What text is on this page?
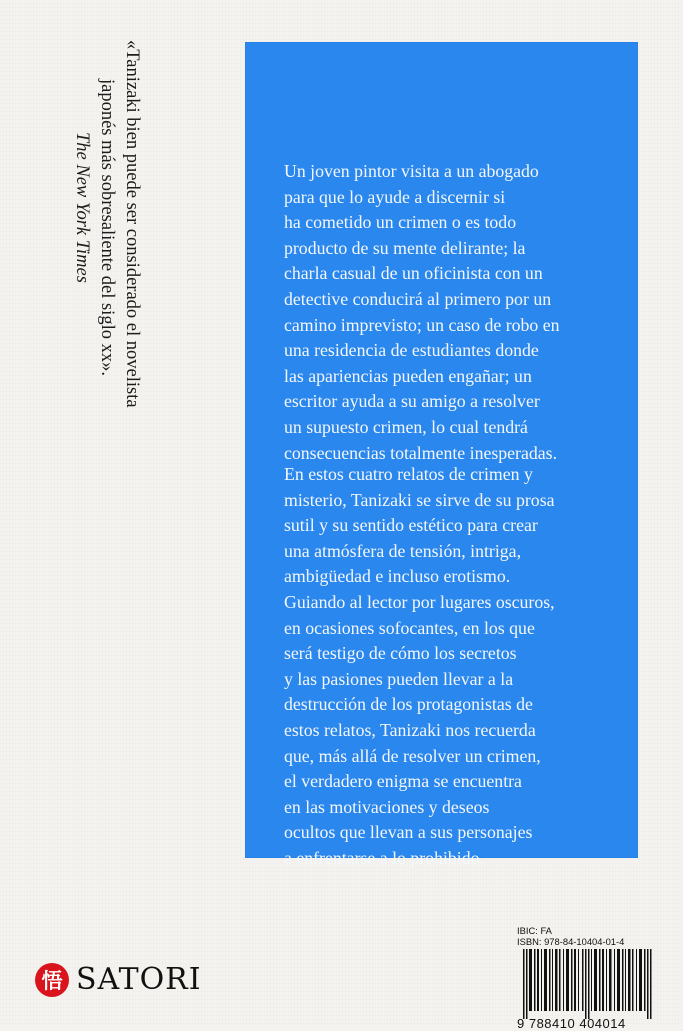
«Tanizaki bien puede ser considerado el novelista
japonés más sobresaliente del siglo xx».
The New York Times	Un joven pintor visita a un abogado
para que lo ayude a discernir si
ha cometido un crimen o es todo
producto de su mente delirante; la
charla casual de un oficinista con un
detective conducirá al primero por un
camino imprevisto; un caso de robo en
una residencia de estudiantes donde
las apariencias pueden engañar; un
escritor ayuda a su amigo a resolver
un supuesto crimen, lo cual tendrá
consecuencias totalmente inesperadas.
En estos cuatro relatos de crimen y
misterio, Tanizaki se sirve de su prosa
sutil y su sentido estético para crear
una atmósfera de tensión, intriga,
ambigüedad e incluso erotismo.
Guiando al lector por lugares oscuros,
en ocasiones sofocantes, en los que
será testigo de cómo los secretos
y las pasiones pueden llevar a la
destrucción de los protagonistas de
estos relatos, Tanizaki nos recuerda
que, más allá de resolver un crimen,
el verdadero enigma se encuentra
en las motivaciones y deseos
ocultos que llevan a sus personajes
a enfrentarse a lo prohibido.
悟 SATORI
IBIC: FA
ISBN: 978-84-10404-01-4
9 788410 404014
